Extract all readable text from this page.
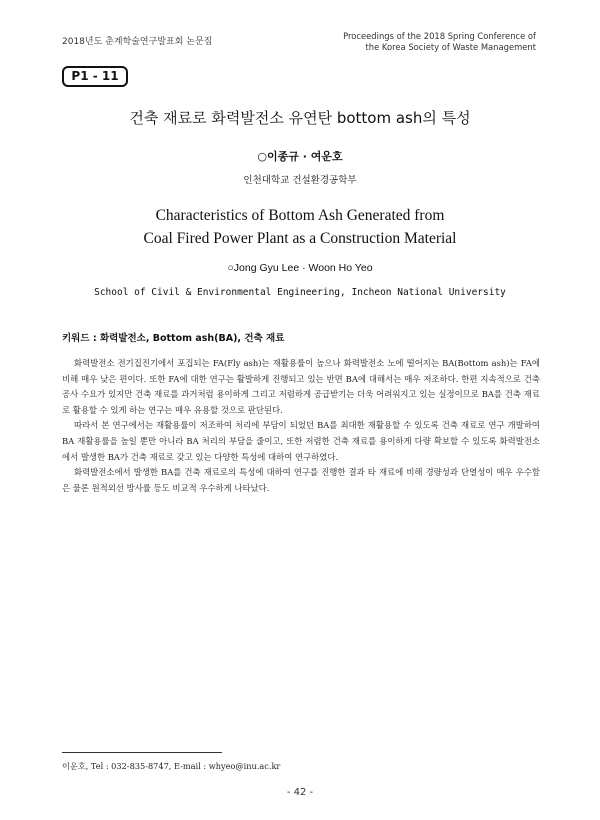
2018년도 춘계학술연구발표회 논문집
Proceedings of the 2018 Spring Conference of
the Korea Society of Waste Management
P1 - 11
건축 재료로 화력발전소 유연탄 bottom ash의 특성
○이종규 · 여운호
인천대학교 건설환경공학부
Characteristics of Bottom Ash Generated from
Coal Fired Power Plant as a Construction Material
○Jong Gyu Lee · Woon Ho Yeo
School of Civil & Environmental Engineering, Incheon National University
키워드 : 화력발전소, Bottom ash(BA), 건축 재료

화력발전소 전기집진기에서 포집되는 FA(Fly ash)는 재활용률이 높으나 화력발전소 노에 떨어지는 BA(Bottom ash)는 FA에 비해 매우 낮은 편이다. 또한 FA에 대한 연구는 활발하게 진행되고 있는 반면 BA에 대해서는 매우 저조하다. 한편 지속적으로 건축 공사 수요가 있지만 건축 재료를 과거처럼 용이하게 그리고 저렴하게 공급받기는 더욱 어려워지고 있는 실정이므로 BA를 건축 재료로 활용할 수 있게 하는 연구는 매우 유용할 것으로 판단된다.

따라서 본 연구에서는 재활용률이 저조하여 처리에 부담이 되었던 BA를 최대한 재활용할 수 있도록 건축 재료로 연구 개발하여 BA 재활용률을 높일 뿐만 아니라 BA 처리의 부담을 줄이고, 또한 저렴한 건축 재료를 용이하게 다량 확보할 수 있도록 화력발전소에서 발생한 BA가 건축 재료로 갖고 있는 다양한 특성에 대하여 연구하였다.

화력발전소에서 발생한 BA를 건축 재료로의 특성에 대하여 연구를 진행한 결과 타 재료에 비해 경량성과 단열성이 매우 우수함은 물론 원적외선 방사률 등도 비교적 우수하게 나타났다.

이운호, Tel : 032-835-8747, E-mail : whyeo@inu.ac.kr
- 42 -
